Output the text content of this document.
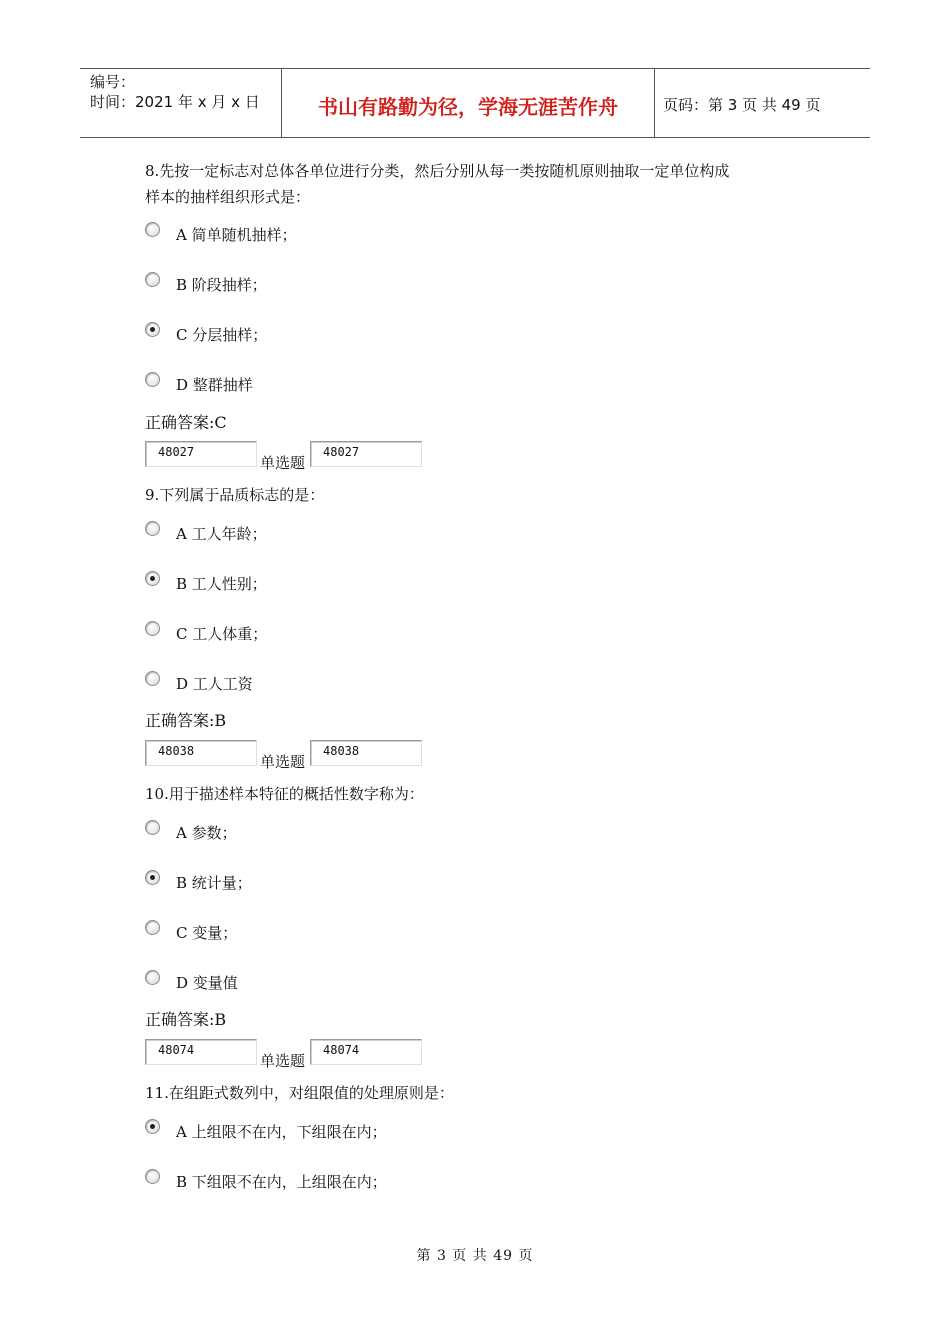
编号：
时间：2021 年 x 月 x 日	书山有路勤为径，学海无涯苦作舟	页码：第 3 页 共 49 页
8.先按一定标志对总体各单位进行分类，然后分别从每一类按随机原则抽取一定单位构成
样本的抽样组织形式是：
A 简单随机抽样；
B 阶段抽样；
C 分层抽样；
D 整群抽样
正确答案:C
48027
单选题
48027
9.下列属于品质标志的是：
A 工人年龄；
B 工人性别；
C 工人体重；
D 工人工资
正确答案:B
48038
单选题
48038
10.用于描述样本特征的概括性数字称为：
A 参数；
B 统计量；
C 变量；
D 变量值
正确答案:B
48074
单选题
48074
11.在组距式数列中，对组限值的处理原则是：
A 上组限不在内，下组限在内；
B 下组限不在内，上组限在内；
第 3 页 共 49 页
